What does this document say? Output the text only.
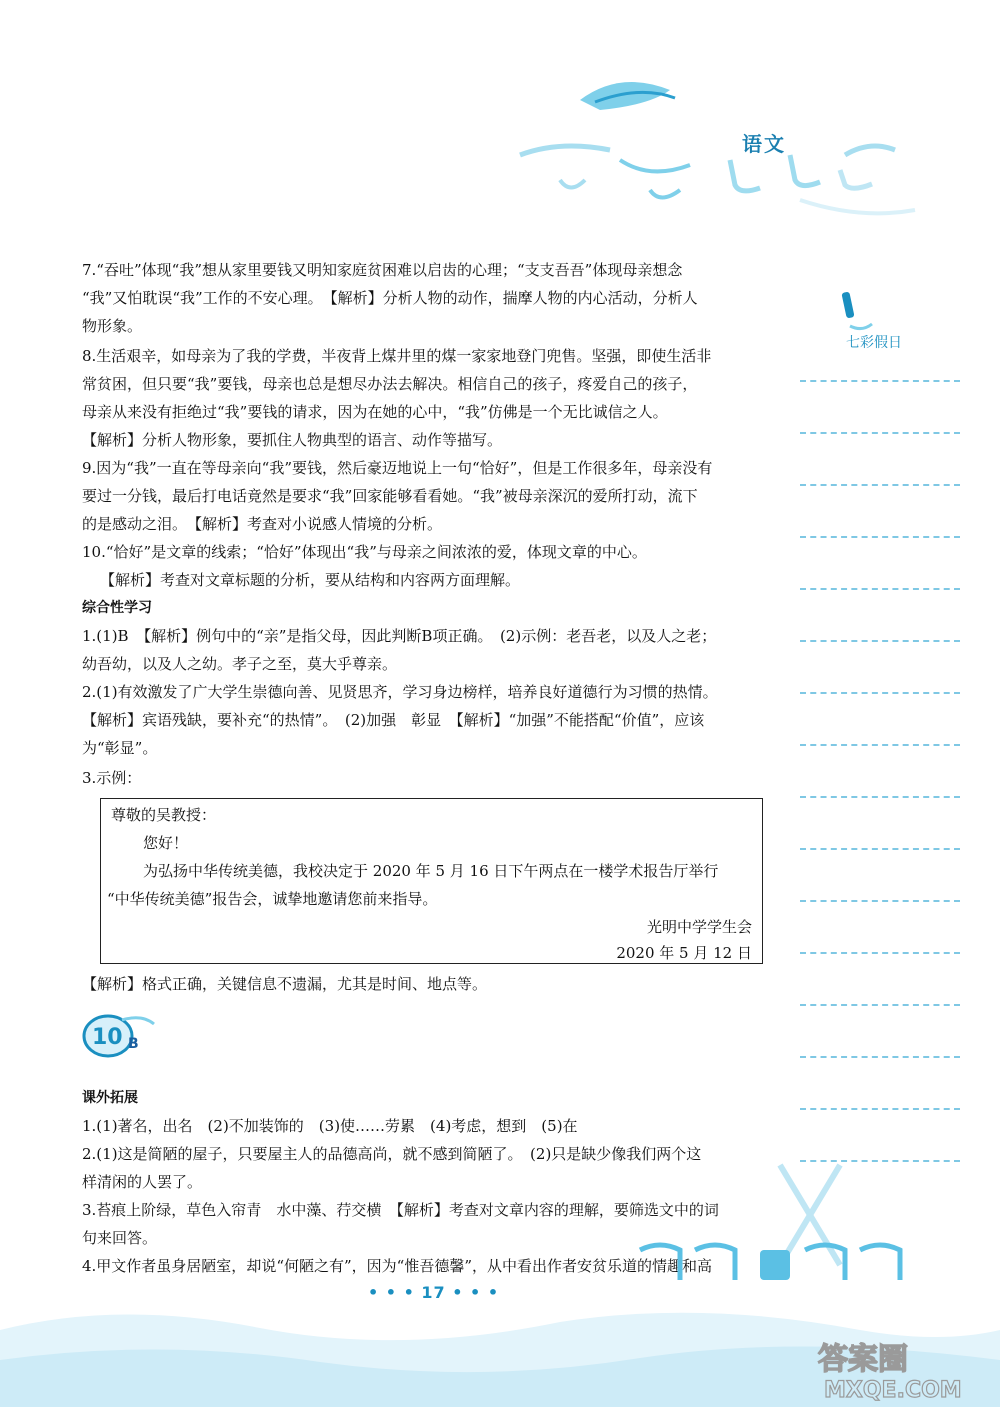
语文
七彩假日
7.“吞吐”体现“我”想从家里要钱又明知家庭贫困难以启齿的心理；“支支吾吾”体现母亲想念
“我”又怕耽误“我”工作的不安心理。　【解析】分析人物的动作，揣摩人物的内心活动，分析人
物形象。
8.生活艰辛，如母亲为了我的学费，半夜背上煤井里的煤一家家地登门兜售。坚强，即使生活非
常贫困，但只要“我”要钱，母亲也总是想尽办法去解决。相信自己的孩子，疼爱自己的孩子，
母亲从来没有拒绝过“我”要钱的请求，因为在她的心中，“我”仿佛是一个无比诚信之人。
【解析】分析人物形象，要抓住人物典型的语言、动作等描写。
9.因为“我”一直在等母亲向“我”要钱，然后豪迈地说上一句“恰好”，但是工作很多年，母亲没有
要过一分钱，最后打电话竟然是要求“我”回家能够看看她。“我”被母亲深沉的爱所打动，流下
的是感动之泪。　【解析】考查对小说感人情境的分析。
10.“恰好”是文章的线索；“恰好”体现出“我”与母亲之间浓浓的爱，体现文章的中心。
【解析】考查对文章标题的分析，要从结构和内容两方面理解。
综合性学习
1.(1)B　【解析】例句中的“亲”是指父母，因此判断B项正确。　(2)示例：老吾老，以及人之老；
幼吾幼，以及人之幼。孝子之至，莫大乎尊亲。
2.(1)有效激发了广大学生崇德向善、见贤思齐，学习身边榜样，培养良好道德行为习惯的热情。
【解析】宾语残缺，要补充“的热情”。　(2)加强　彰显　【解析】“加强”不能搭配“价值”，应该
为“彰显”。
3.示例：
尊敬的吴教授：
您好！
为弘扬中华传统美德，我校决定于 2020 年 5 月 16 日下午两点在一楼学术报告厅举行
“中华传统美德”报告会，诚挚地邀请您前来指导。
光明中学学生会
2020 年 5 月 12 日
【解析】格式正确，关键信息不遗漏，尤其是时间、地点等。
课外拓展
1.(1)著名，出名　(2)不加装饰的　(3)使……劳累　(4)考虑，想到　(5)在
2.(1)这是简陋的屋子，只要屋主人的品德高尚，就不感到简陋了。　(2)只是缺少像我们两个这
样清闲的人罢了。
3.苔痕上阶绿，草色入帘青　水中藻、荇交横　【解析】考查对文章内容的理解，要筛选文中的词
句来回答。
4.甲文作者虽身居陋室，却说“何陋之有”，因为“惟吾德馨”，从中看出作者安贫乐道的情趣和高
10 B
• • • 17 • • •
答案圈
MXQE.COM
